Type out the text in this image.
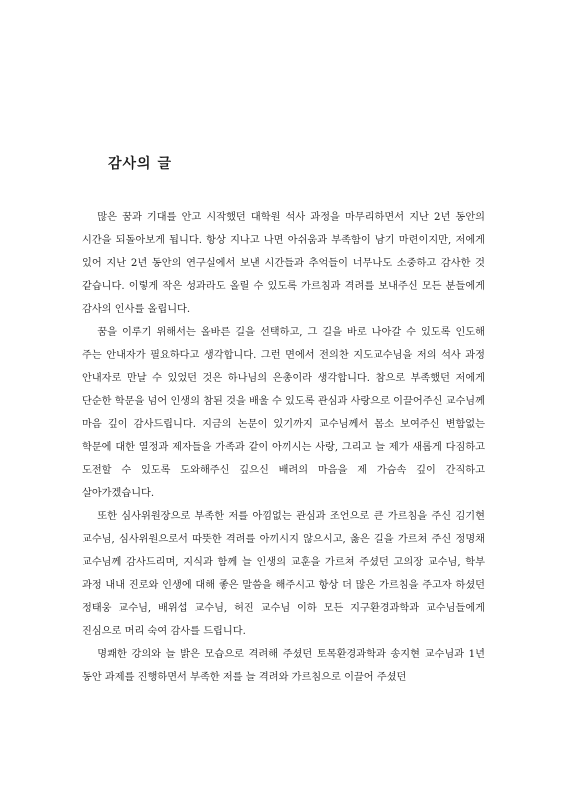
감사의 글

많은 꿈과 기대를 안고 시작했던 대학원 석사 과정을 마무리하면서 지난 2년 동안의 시간을 되돌아보게 됩니다. 항상 지나고 나면 아쉬움과 부족함이 남기 마련이지만, 저에게 있어 지난 2년 동안의 연구실에서 보낸 시간들과 추억들이 너무나도 소중하고 감사한 것 같습니다. 이렇게 작은 성과라도 올릴 수 있도록 가르침과 격려를 보내주신 모든 분들에게 감사의 인사를 올립니다.

꿈을 이루기 위해서는 올바른 길을 선택하고, 그 길을 바로 나아갈 수 있도록 인도해 주는 안내자가 필요하다고 생각합니다. 그런 면에서 전의찬 지도교수님을 저의 석사 과정 안내자로 만날 수 있었던 것은 하나님의 은총이라 생각합니다. 참으로 부족했던 저에게 단순한 학문을 넘어 인생의 참된 것을 배울 수 있도록 관심과 사랑으로 이끌어주신 교수님께 마음 깊이 감사드립니다. 지금의 논문이 있기까지 교수님께서 몸소 보여주신 변함없는 학문에 대한 열정과 제자들을 가족과 같이 아끼시는 사랑, 그리고 늘 제가 새롭게 다짐하고 도전할 수 있도록 도와해주신 깊으신 배려의 마음을 제 가슴속 깊이 간직하고 살아가겠습니다.

또한 심사위원장으로 부족한 저를 아낌없는 관심과 조언으로 큰 가르침을 주신 김기현 교수님, 심사위원으로서 따뜻한 격려를 아끼시지 않으시고, 옳은 길을 가르쳐 주신 정명채 교수님께 감사드리며, 지식과 함께 늘 인생의 교훈을 가르쳐 주셨던 고의장 교수님, 학부 과정 내내 진로와 인생에 대해 좋은 말씀을 해주시고 항상 더 많은 가르침을 주고자 하셨던 정태웅 교수님, 배위섭 교수님, 허진 교수님 이하 모든 지구환경과학과 교수님들에게 진심으로 머리 숙여 감사를 드립니다.

명쾌한 강의와 늘 밝은 모습으로 격려해 주셨던 토목환경과학과 송지현 교수님과 1년 동안 과제를 진행하면서 부족한 저를 늘 격려와 가르침으로 이끌어 주셨던
